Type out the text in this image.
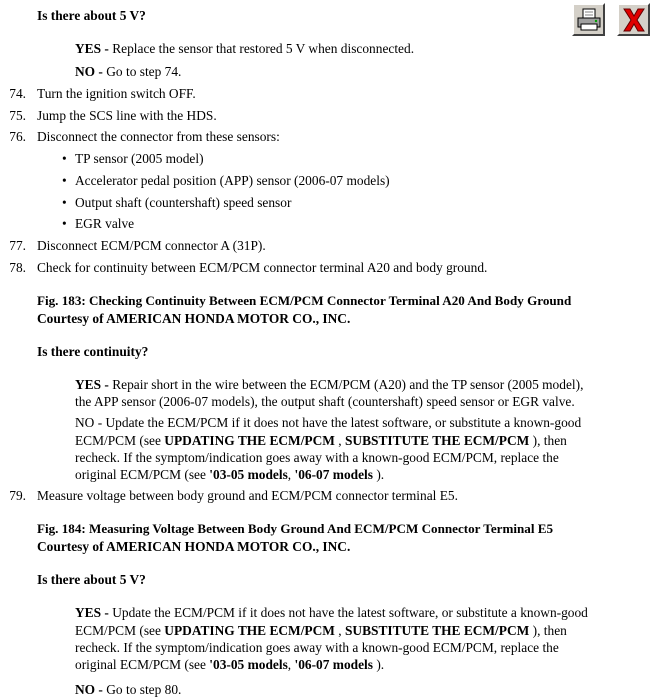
Is there about 5 V?
YES - Replace the sensor that restored 5 V when disconnected.
NO - Go to step 74.
74. Turn the ignition switch OFF.
75. Jump the SCS line with the HDS.
76. Disconnect the connector from these sensors:
• TP sensor (2005 model)
• Accelerator pedal position (APP) sensor (2006-07 models)
• Output shaft (countershaft) speed sensor
• EGR valve
77. Disconnect ECM/PCM connector A (31P).
78. Check for continuity between ECM/PCM connector terminal A20 and body ground.
Fig. 183: Checking Continuity Between ECM/PCM Connector Terminal A20 And Body Ground
Courtesy of AMERICAN HONDA MOTOR CO., INC.
Is there continuity?
YES - Repair short in the wire between the ECM/PCM (A20) and the TP sensor (2005 model),
the APP sensor (2006-07 models), the output shaft (countershaft) speed sensor or EGR valve.
NO - Update the ECM/PCM if it does not have the latest software, or substitute a known-good
ECM/PCM (see UPDATING THE ECM/PCM , SUBSTITUTE THE ECM/PCM ), then
recheck. If the symptom/indication goes away with a known-good ECM/PCM, replace the
original ECM/PCM (see '03-05 models, '06-07 models ).
79. Measure voltage between body ground and ECM/PCM connector terminal E5.
Fig. 184: Measuring Voltage Between Body Ground And ECM/PCM Connector Terminal E5
Courtesy of AMERICAN HONDA MOTOR CO., INC.
Is there about 5 V?
YES - Update the ECM/PCM if it does not have the latest software, or substitute a known-good
ECM/PCM (see UPDATING THE ECM/PCM , SUBSTITUTE THE ECM/PCM ), then
recheck. If the symptom/indication goes away with a known-good ECM/PCM, replace the
original ECM/PCM (see '03-05 models, '06-07 models ).
NO - Go to step 80.
